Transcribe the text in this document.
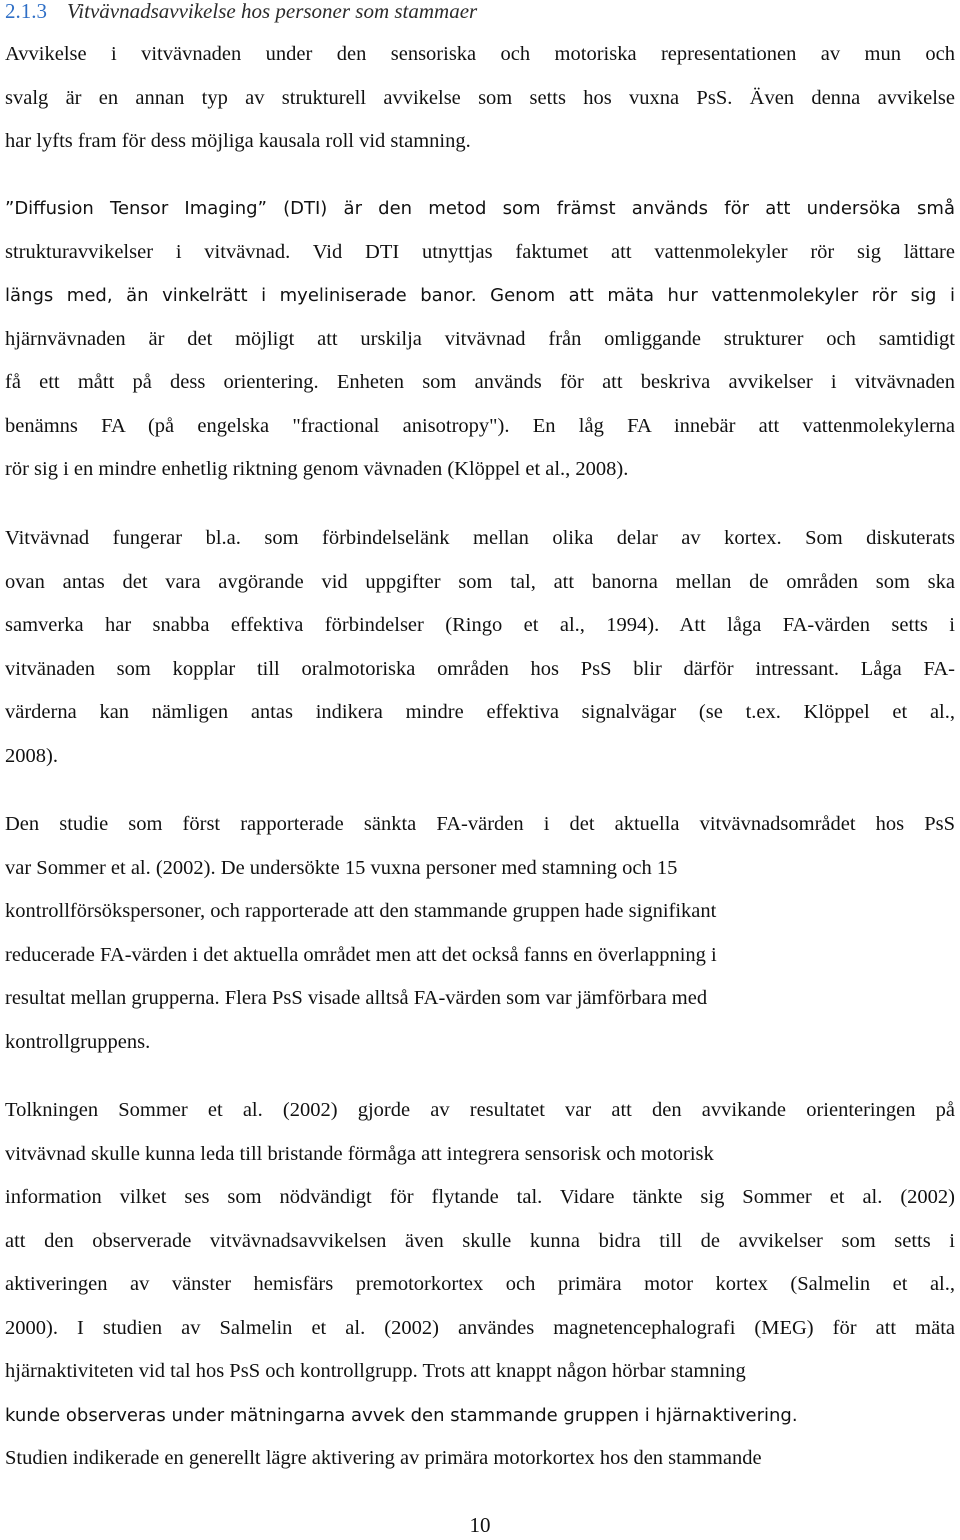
2.1.3 Vitvävnadsavvikelse hos personer som stammaer

Avvikelse i vitvävnaden under den sensoriska och motoriska representationen av mun och
svalg är en annan typ av strukturell avvikelse som setts hos vuxna PsS. Även denna avvikelse
har lyfts fram för dess möjliga kausala roll vid stamning.

”Diffusion Tensor Imaging” (DTI) är den metod som främst används för att undersöka små
strukturavvikelser i vitvävnad. Vid DTI utnyttjas faktumet att vattenmolekyler rör sig lättare
längs med, än vinkelrätt i myeliniserade banor. Genom att mäta hur vattenmolekyler rör sig i
hjärnvävnaden är det möjligt att urskilja vitvävnad från omliggande strukturer och samtidigt
få ett mått på dess orientering. Enheten som används för att beskriva avvikelser i vitvävnaden
benämns FA (på engelska "fractional anisotropy"). En låg FA innebär att vattenmolekylerna
rör sig i en mindre enhetlig riktning genom vävnaden (Klöppel et al., 2008).

Vitvävnad fungerar bl.a. som förbindelselänk mellan olika delar av kortex. Som diskuterats
ovan antas det vara avgörande vid uppgifter som tal, att banorna mellan de områden som ska
samverka har snabba effektiva förbindelser (Ringo et al., 1994). Att låga FA-värden setts i
vitvänaden som kopplar till oralmotoriska områden hos PsS blir därför intressant. Låga FA-
värderna kan nämligen antas indikera mindre effektiva signalvägar (se t.ex. Klöppel et al.,
2008).

Den studie som först rapporterade sänkta FA-värden i det aktuella vitvävnadsområdet hos PsS
var Sommer et al. (2002). De undersökte 15 vuxna personer med stamning och 15
kontrollförsökspersoner, och rapporterade att den stammande gruppen hade signifikant
reducerade FA-värden i det aktuella området men att det också fanns en överlappning i
resultat mellan grupperna. Flera PsS visade alltså FA-värden som var jämförbara med
kontrollgruppens.

Tolkningen Sommer et al. (2002) gjorde av resultatet var att den avvikande orienteringen på
vitvävnad skulle kunna leda till bristande förmåga att integrera sensorisk och motorisk
information vilket ses som nödvändigt för flytande tal. Vidare tänkte sig Sommer et al. (2002)
att den observerade vitvävnadsavvikelsen även skulle kunna bidra till de avvikelser som setts i
aktiveringen av vänster hemisfärs premotorkortex och primära motor kortex (Salmelin et al.,
2000). I studien av Salmelin et al. (2002) användes magnetencephalografi (MEG) för att mäta
hjärnaktiviteten vid tal hos PsS och kontrollgrupp. Trots att knappt någon hörbar stamning
kunde observeras under mätningarna avvek den stammande gruppen i hjärnaktivering.
Studien indikerade en generellt lägre aktivering av primära motorkortex hos den stammande

10
